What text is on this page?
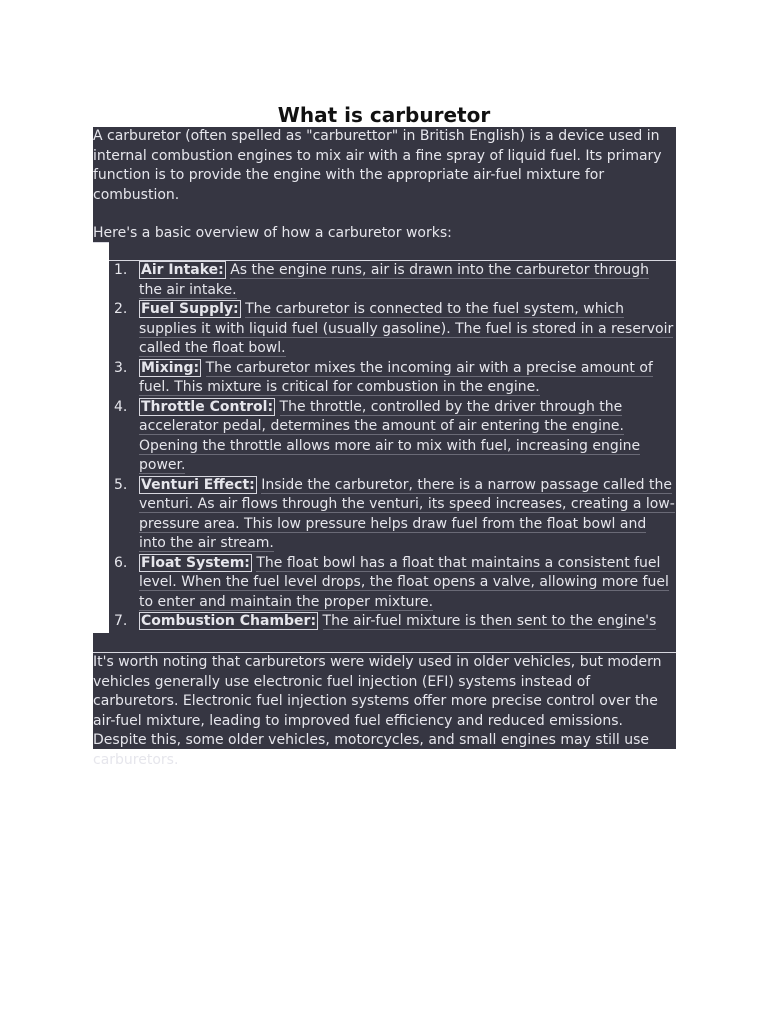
What is carburetor

A carburetor (often spelled as "carburettor" in British English) is a device used in internal combustion engines to mix air with a fine spray of liquid fuel. Its primary function is to provide the engine with the appropriate air-fuel mixture for combustion.

Here's a basic overview of how a carburetor works:

1. Air Intake: As the engine runs, air is drawn into the carburetor through the air intake.
2. Fuel Supply: The carburetor is connected to the fuel system, which supplies it with liquid fuel (usually gasoline). The fuel is stored in a reservoir called the float bowl.
3. Mixing: The carburetor mixes the incoming air with a precise amount of fuel. This mixture is critical for combustion in the engine.
4. Throttle Control: The throttle, controlled by the driver through the accelerator pedal, determines the amount of air entering the engine. Opening the throttle allows more air to mix with fuel, increasing engine power.
5. Venturi Effect: Inside the carburetor, there is a narrow passage called the venturi. As air flows through the venturi, its speed increases, creating a low-pressure area. This low pressure helps draw fuel from the float bowl and into the air stream.
6. Float System: The float bowl has a float that maintains a consistent fuel level. When the fuel level drops, the float opens a valve, allowing more fuel to enter and maintain the proper mixture.
7. Combustion Chamber: The air-fuel mixture is then sent to the engine's

It's worth noting that carburetors were widely used in older vehicles, but modern vehicles generally use electronic fuel injection (EFI) systems instead of carburetors. Electronic fuel injection systems offer more precise control over the air-fuel mixture, leading to improved fuel efficiency and reduced emissions. Despite this, some older vehicles, motorcycles, and small engines may still use carburetors.
